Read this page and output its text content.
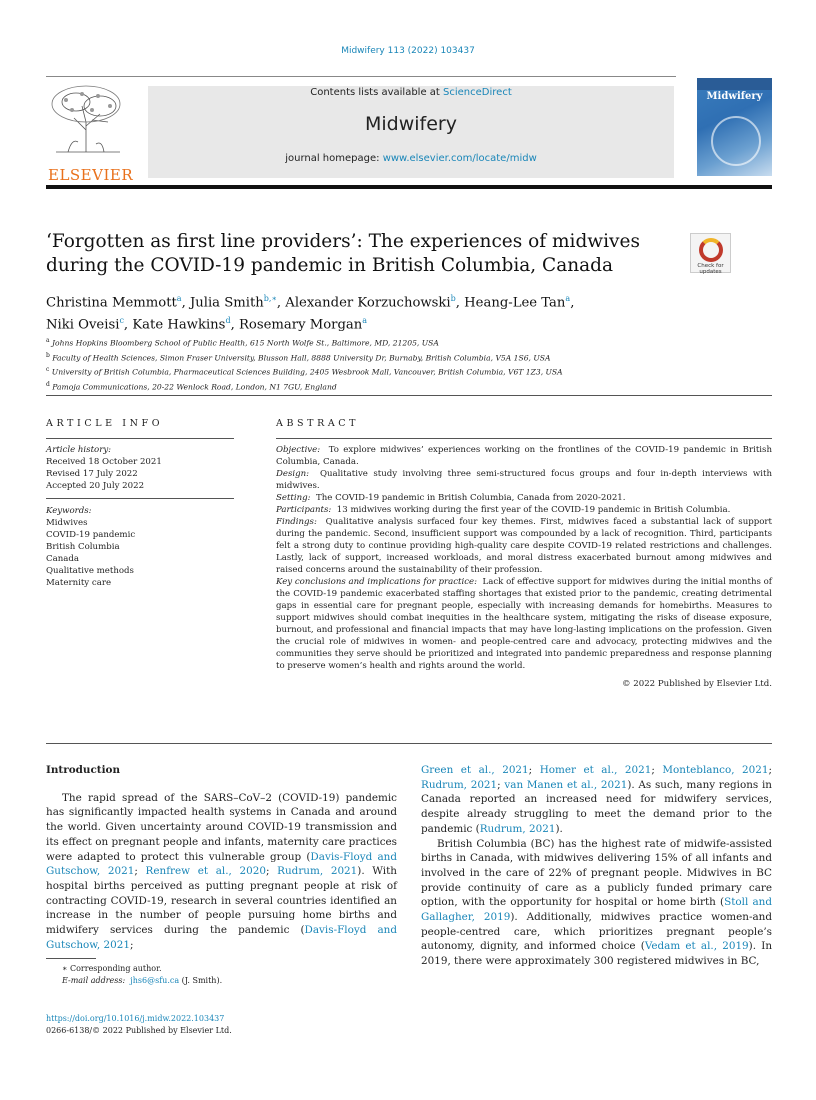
Midwifery 113 (2022) 103437
ELSEVIER
Contents lists available at ScienceDirect
Midwifery
journal homepage: www.elsevier.com/locate/midw
Midwifery
‘Forgotten as first line providers’: The experiences of midwives during the COVID-19 pandemic in British Columbia, Canada	Check for
updates
Christina Memmott$^a$, Julia Smith$^{b,∗}$, Alexander Korzuchowski$^b$, Heang-Lee Tan$^a$,
Niki Oveisi$^c$, Kate Hawkins$^d$, Rosemary Morgan$^a$
$^a$ Johns Hopkins Bloomberg School of Public Health, 615 North Wolfe St., Baltimore, MD, 21205, USA
$^b$ Faculty of Health Sciences, Simon Fraser University, Blusson Hall, 8888 University Dr, Burnaby, British Columbia, V5A 1S6, USA
$^c$ University of British Columbia, Pharmaceutical Sciences Building, 2405 Wesbrook Mall, Vancouver, British Columbia, V6T 1Z3, USA
$^d$ Pamoja Communications, 20-22 Wenlock Road, London, N1 7GU, England
ARTICLE INFO
Article history:
Received 18 October 2021
Revised 17 July 2022
Accepted 20 July 2022
Keywords:
Midwives
COVID-19 pandemic
British Columbia
Canada
Qualitative methods
Maternity care
ABSTRACT

Objective: To explore midwives’ experiences working on the frontlines of the COVID-19 pandemic in British Columbia, Canada.

Design: Qualitative study involving three semi-structured focus groups and four in-depth interviews with midwives.

Setting: The COVID-19 pandemic in British Columbia, Canada from 2020-2021.

Participants: 13 midwives working during the first year of the COVID-19 pandemic in British Columbia.

Findings: Qualitative analysis surfaced four key themes. First, midwives faced a substantial lack of support during the pandemic. Second, insufficient support was compounded by a lack of recognition. Third, participants felt a strong duty to continue providing high-quality care despite COVID-19 related restrictions and challenges. Lastly, lack of support, increased workloads, and moral distress exacerbated burnout among midwives and raised concerns around the sustainability of their profession.

Key conclusions and implications for practice: Lack of effective support for midwives during the initial months of the COVID-19 pandemic exacerbated staffing shortages that existed prior to the pandemic, creating detrimental gaps in essential care for pregnant people, especially with increasing demands for homebirths. Measures to support midwives should combat inequities in the healthcare system, mitigating the risks of disease exposure, burnout, and professional and financial impacts that may have long-lasting implications on the profession. Given the crucial role of midwives in women- and people-centred care and advocacy, protecting midwives and the communities they serve should be prioritized and integrated into pandemic preparedness and response planning to preserve women’s health and rights around the world.

© 2022 Published by Elsevier Ltd.

Introduction

The rapid spread of the SARS–CoV–2 (COVID-19) pandemic has significantly impacted health systems in Canada and around the world. Given uncertainty around COVID-19 transmission and its effect on pregnant people and infants, maternity care practices were adapted to protect this vulnerable group (Davis-Floyd and Gutschow, 2021; Renfrew et al., 2020; Rudrum, 2021). With hospital births perceived as putting pregnant people at risk of contracting COVID-19, research in several countries identified an increase in the number of people pursuing home births and midwifery services during the pandemic (Davis-Floyd and Gutschow, 2021;

Green et al., 2021; Homer et al., 2021; Monteblanco, 2021; Rudrum, 2021; van Manen et al., 2021). As such, many regions in Canada reported an increased need for midwifery services, despite already struggling to meet the demand prior to the pandemic (Rudrum, 2021).

British Columbia (BC) has the highest rate of midwife-assisted births in Canada, with midwives delivering 15% of all infants and involved in the care of 22% of pregnant people. Midwives in BC provide continuity of care as a publicly funded primary care option, with the opportunity for hospital or home birth (Stoll and Gallagher, 2019). Additionally, midwives practice women-and people-centred care, which prioritizes pregnant people’s autonomy, dignity, and informed choice (Vedam et al., 2019). In 2019, there were approximately 300 registered midwives in BC,

∗ Corresponding author.
E-mail address: jhs6@sfu.ca (J. Smith).
https://doi.org/10.1016/j.midw.2022.103437
0266-6138/© 2022 Published by Elsevier Ltd.
